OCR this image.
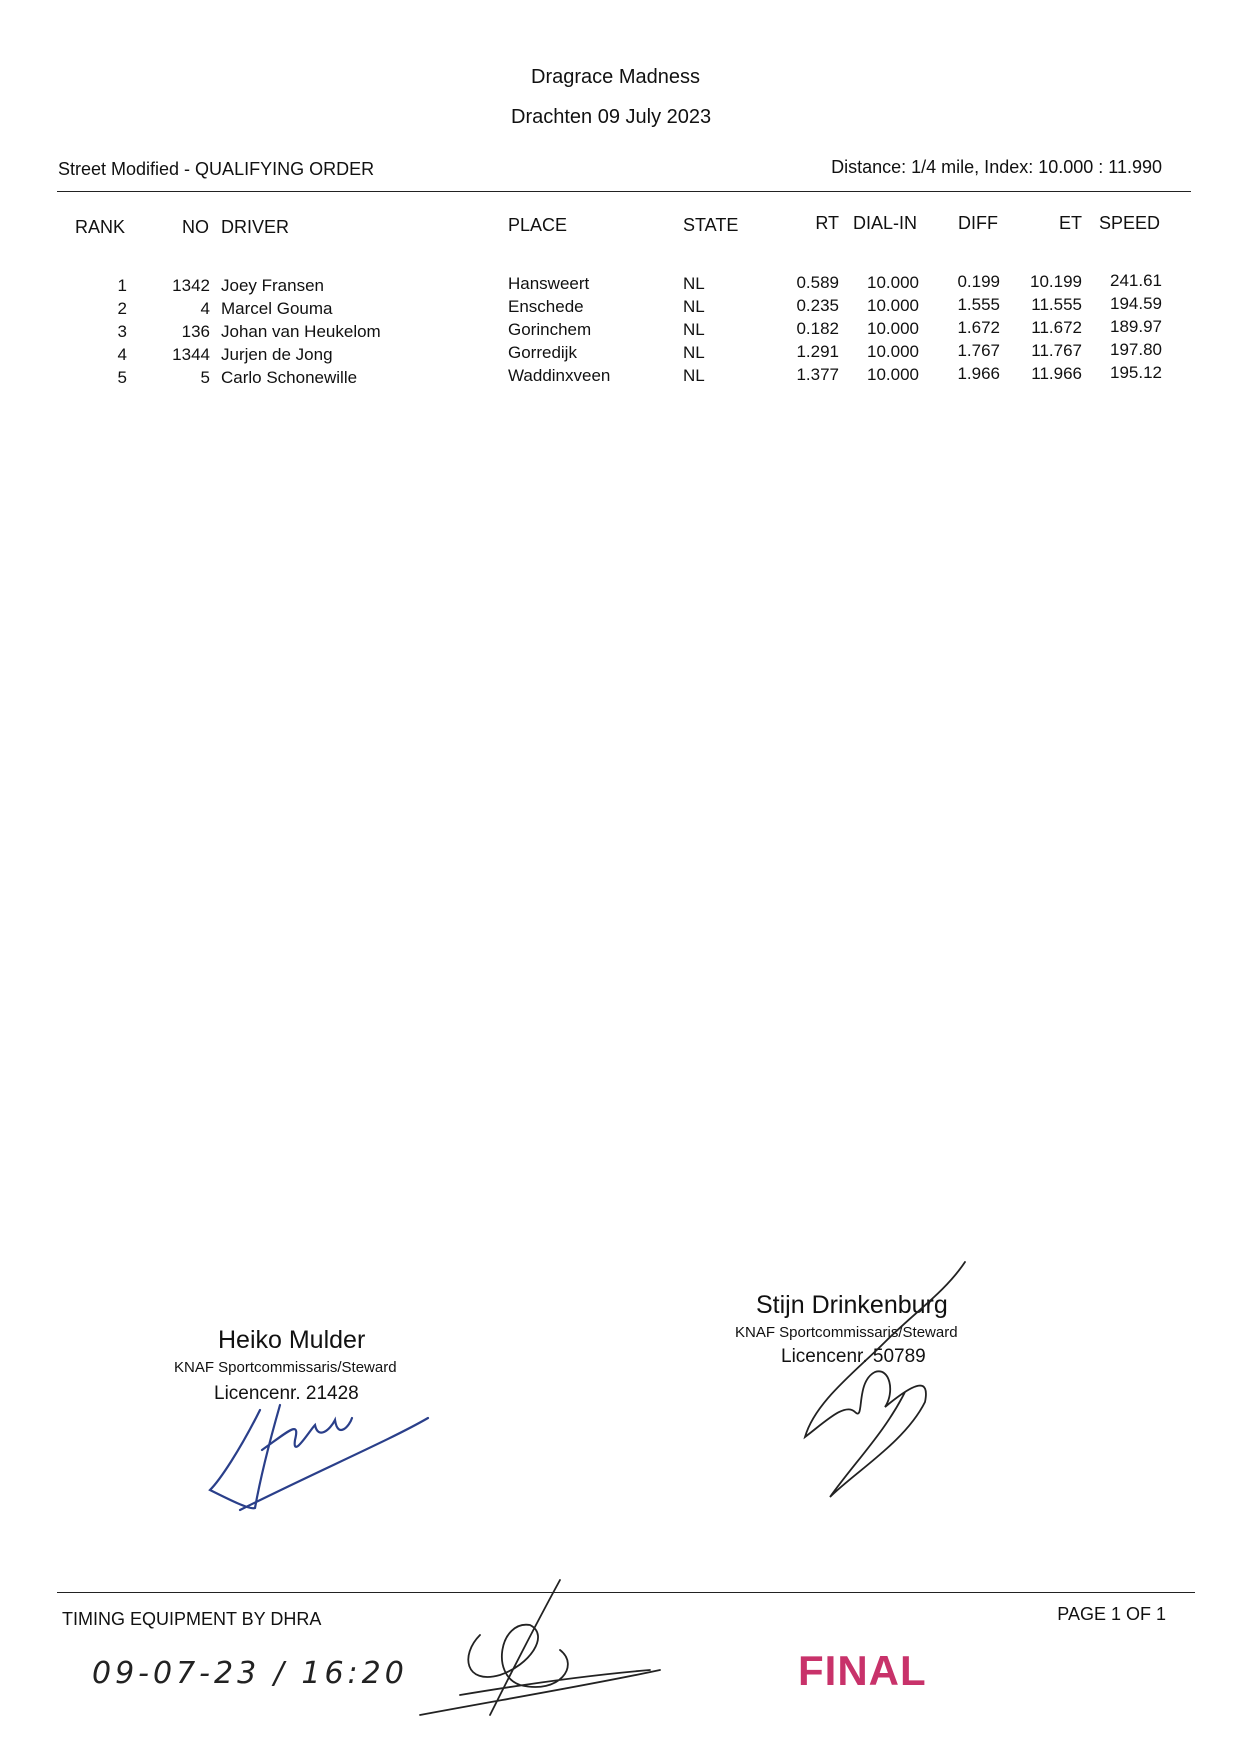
Dragrace Madness
Drachten 09 July 2023
Street Modified - QUALIFYING ORDER	Distance: 1/4 mile, Index: 10.000 : 11.990
RANK	NO DRIVER	PLACE	STATE	RT DIAL-IN DIFF	ET SPEED
1	1342 Joey Fransen	Hansweert	NL	0.589 10.000 0.199 10.199 241.61
2	4 Marcel Gouma	Enschede	NL	0.235 10.000 1.555 11.555 194.59
3	136 Johan van Heukelom	Gorinchem	NL	0.182 10.000 1.672 11.672 189.97
4	1344 Jurjen de Jong	Gorredijk	NL	1.291 10.000 1.767 11.767 197.80
5	5 Carlo Schonewille	Waddinxveen	NL	1.377 10.000 1.966 11.966 195.12
Heiko Mulder
KNAF Sportcommissaris/Steward
Licencenr. 21428
Stijn Drinkenburg
KNAF Sportcommissaris/Steward
Licencenr. 50789
TIMING EQUIPMENT BY DHRA	PAGE 1 OF 1
09-07-23 / 16:20	FINAL
